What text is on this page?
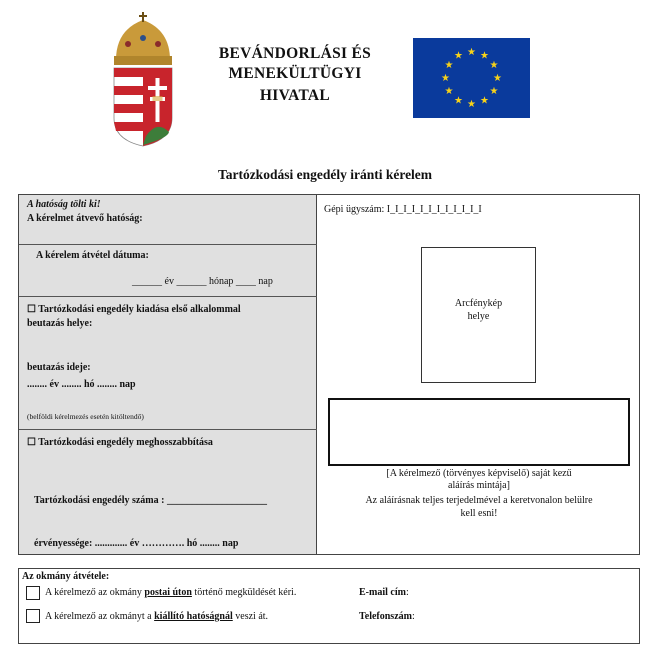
BEVÁNDORLÁSI ÉS
MENEKÜLTÜGYI
HIVATAL
★ ★
★
★
★
★
★
★
★
★
★
★
Tartózkodási engedély iránti kérelem
A hatóság tölti ki!
A kérelmet átvevő hatóság:
A kérelem átvétel dátuma:
______ év ______ hónap ____ nap
☐ Tartózkodási engedély kiadása első alkalommal
beutazás helye:
beutazás ideje:
........ év ........ hó ........ nap
(belföldi kérelmezés esetén kitöltendő)
☐ Tartózkodási engedély meghosszabbítása
Tartózkodási engedély száma : ____________________
érvényessége: ............. év …………. hó ........ nap
Gépi ügyszám: I_I_I_I_I_I_I_I_I_I_I_I
Arcfénykép
helye
[A kérelmező (törvényes képviselő) saját kezű
aláírás mintája]
Az aláírásnak teljes terjedelmével a keretvonalon belülre
kell esni!
Az okmány átvétele:
A kérelmező az okmány postai úton történő megküldését kéri.
A kérelmező az okmányt a kiállító hatóságnál veszi át.
E-mail cím:
Telefonszám:
